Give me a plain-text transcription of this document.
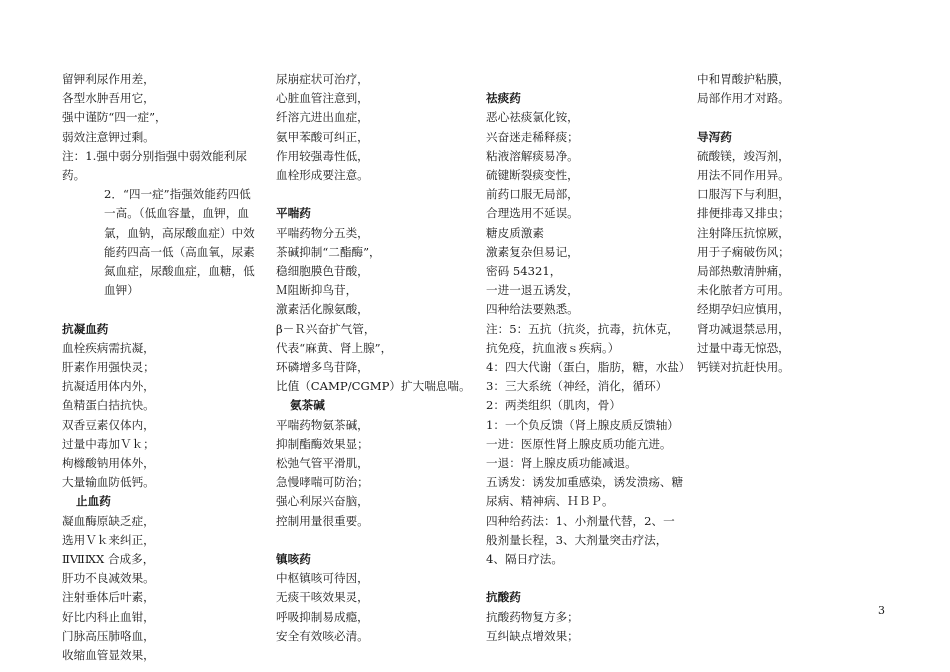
留钾利尿作用差，
各型水肿吾用它，
强中谨防“四一症”，
弱效注意钾过剩。
注：1.强中弱分别指强中弱效能利尿药。
2．“四一症”指强效能药四低一高。（低血容量，血钾，血氯，血钠，高尿酸血症）中效能药四高一低（高血氧，尿素氮血症，尿酸血症，血糖，低血钾）
抗凝血药
血栓疾病需抗凝，
肝素作用强快灵；
抗凝适用体内外，
鱼精蛋白拮抗快。
双香豆素仅体内，
过量中毒加Ｖｋ；
枸橼酸钠用体外，
大量输血防低钙。
止血药
凝血酶原缺乏症，
选用Ｖｋ来纠正，
ⅡⅦⅨⅩ 合成多，
肝功不良减效果。
注射垂体后叶素，
好比内科止血钳，
门脉高压肺咯血，
收缩血管显效果，
尿崩症状可治疗，
心脏血管注意到，
纤溶亢进出血症，
氨甲苯酸可纠正，
作用较强毒性低，
血栓形成要注意。
平喘药
平喘药物分五类，
茶碱抑制“二酯酶”，
稳细胞膜色苷酸，
Ｍ阻断抑鸟苷，
激素活化腺氨酸，
β－Ｒ兴奋扩气管，
代表“麻黄、肾上腺”，
环磷增多鸟苷降，
比值（CAMP/CGMP）扩大喘息喘。
氨茶碱
平喘药物氨茶碱，
抑制酯酶效果显；
松弛气管平滑肌，
急慢哮喘可防治；
强心利尿兴奋脑，
控制用量很重要。
镇咳药
中枢镇咳可待因，
无痰干咳效果灵，
呼吸抑制易成瘾，
安全有效咳必清。
祛痰药
恶心祛痰氯化铵，
兴奋迷走稀释痰；
粘液溶解痰易净。
硫键断裂痰变性，
前药口服无局部，
合理选用不延误。
糖皮质激素
激素复杂但易记，
密码 54321，
一进一退五诱发，
四种给法要熟悉。
注：5：五抗（抗炎，抗毒，抗休克，抗免疫，抗血液ｓ疾病。）
4：四大代谢（蛋白，脂肪，糖，水盐）
3：三大系统（神经，消化，循环）
2：两类组织（肌肉，骨）
1：一个负反馈（肾上腺皮质反馈轴）
一进：医原性肾上腺皮质功能亢进。
一退：肾上腺皮质功能减退。
五诱发：诱发加重感染，诱发溃疡、糖尿病、精神病、ＨＢＰ。
四种给药法：1、小剂量代替，2、一般剂量长程，3、大剂量突击疗法，4、隔日疗法。
抗酸药
抗酸药物复方多；
互纠缺点增效果；
中和胃酸护粘膜，
局部作用才对路。
导泻药
硫酸镁，竣泻剂，
用法不同作用异。
口服泻下与利胆，
排便排毒又排虫；
注射降压抗惊厥，
用于子痫破伤风；
局部热敷清肿痛，
未化脓者方可用。
经期孕妇应慎用，
肾功减退禁忌用，
过量中毒无惊恐，
钙镁对抗赶快用。
3
